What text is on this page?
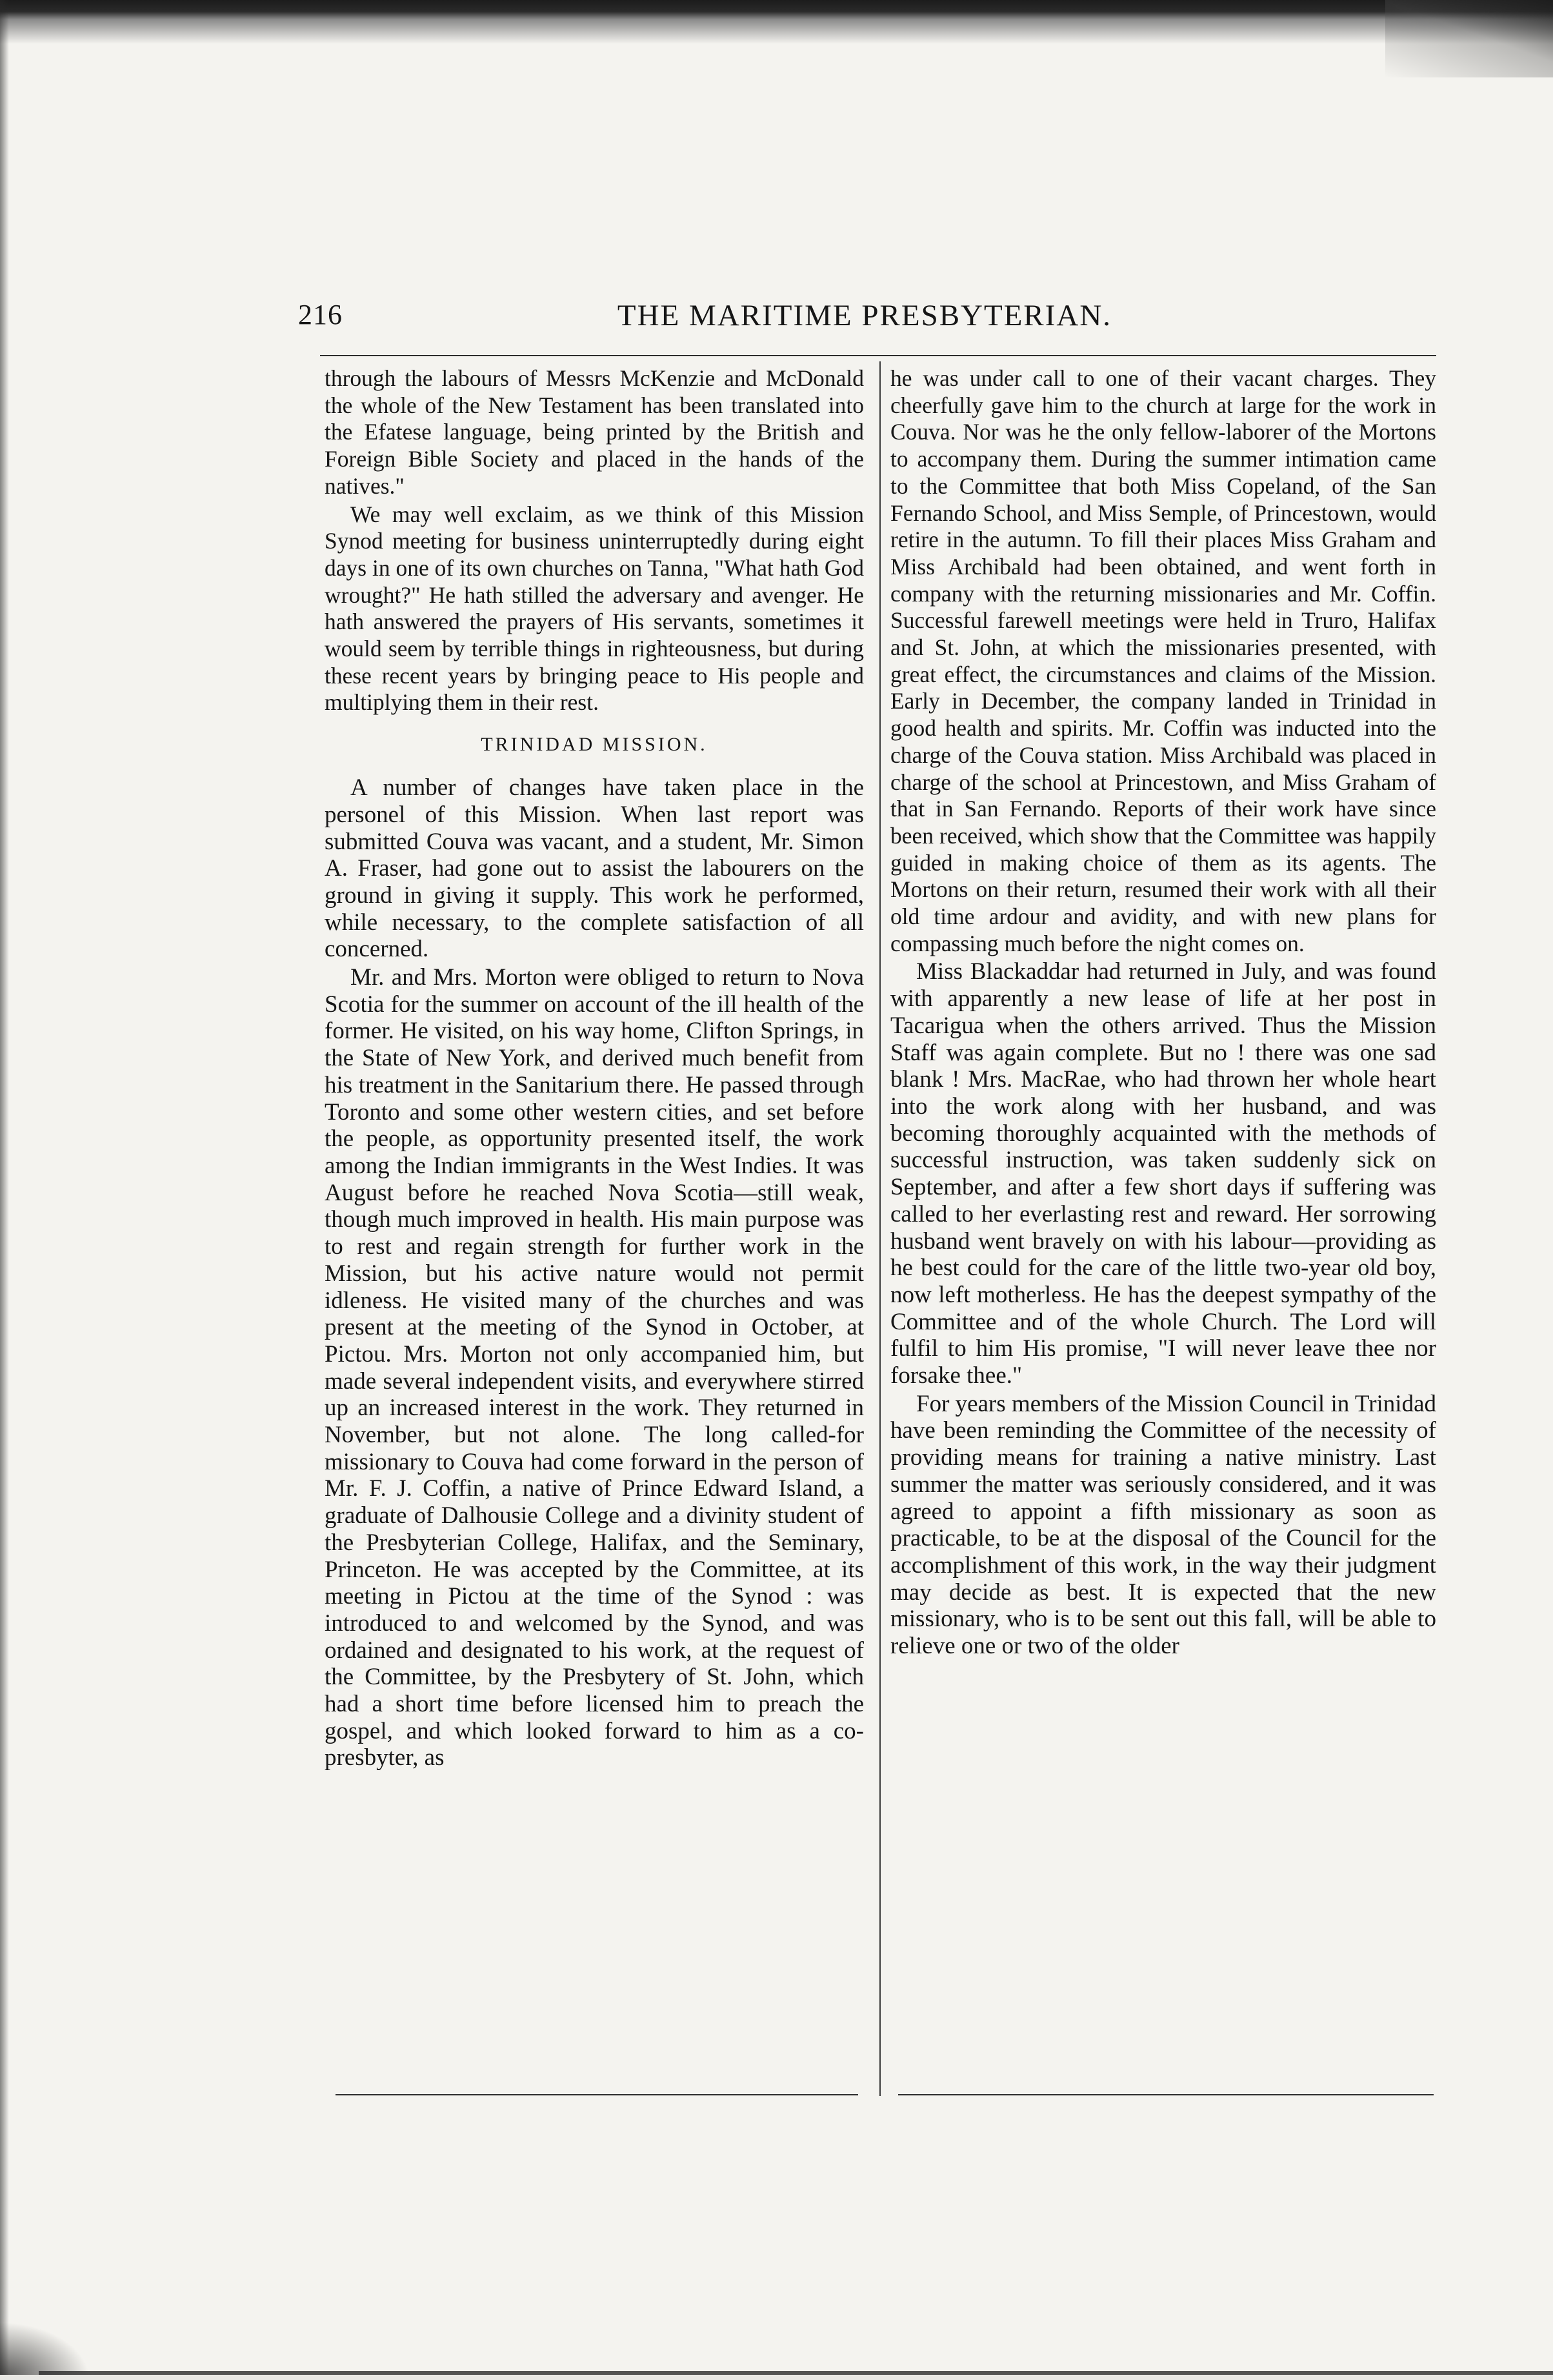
216	THE MARITIME PRESBYTERIAN.

through the labours of Messrs McKenzie and McDonald the whole of the New Testament has been translated into the Efatese language, being printed by the British and Foreign Bible Society and placed in the hands of the natives."

We may well exclaim, as we think of this Mission Synod meeting for business uninterruptedly during eight days in one of its own churches on Tanna, "What hath God wrought?" He hath stilled the adversary and avenger. He hath answered the prayers of His servants, sometimes it would seem by terrible things in righteousness, but during these recent years by bringing peace to His people and multiplying them in their rest.

TRINIDAD MISSION.

A number of changes have taken place in the personel of this Mission. When last report was submitted Couva was vacant, and a student, Mr. Simon A. Fraser, had gone out to assist the labourers on the ground in giving it supply. This work he performed, while necessary, to the complete satisfaction of all concerned.

Mr. and Mrs. Morton were obliged to return to Nova Scotia for the summer on account of the ill health of the former. He visited, on his way home, Clifton Springs, in the State of New York, and derived much benefit from his treatment in the Sanitarium there. He passed through Toronto and some other western cities, and set before the people, as opportunity presented itself, the work among the Indian immigrants in the West Indies. It was August before he reached Nova Scotia—still weak, though much improved in health. His main purpose was to rest and regain strength for further work in the Mission, but his active nature would not permit idleness. He visited many of the churches and was present at the meeting of the Synod in October, at Pictou. Mrs. Morton not only accompanied him, but made several independent visits, and everywhere stirred up an increased interest in the work. They returned in November, but not alone. The long called-for missionary to Couva had come forward in the person of Mr. F. J. Coffin, a native of Prince Edward Island, a graduate of Dalhousie College and a divinity student of the Presbyterian College, Halifax, and the Seminary, Princeton. He was accepted by the Committee, at its meeting in Pictou at the time of the Synod : was introduced to and welcomed by the Synod, and was ordained and designated to his work, at the request of the Committee, by the Presbytery of St. John, which had a short time before licensed him to preach the gospel, and which looked forward to him as a co-presbyter, as

he was under call to one of their vacant charges. They cheerfully gave him to the church at large for the work in Couva. Nor was he the only fellow-laborer of the Mortons to accompany them. During the summer intimation came to the Committee that both Miss Copeland, of the San Fernando School, and Miss Semple, of Princestown, would retire in the autumn. To fill their places Miss Graham and Miss Archibald had been obtained, and went forth in company with the returning missionaries and Mr. Coffin. Successful farewell meetings were held in Truro, Halifax and St. John, at which the missionaries presented, with great effect, the circumstances and claims of the Mission. Early in December, the company landed in Trinidad in good health and spirits. Mr. Coffin was inducted into the charge of the Couva station. Miss Archibald was placed in charge of the school at Princestown, and Miss Graham of that in San Fernando. Reports of their work have since been received, which show that the Committee was happily guided in making choice of them as its agents. The Mortons on their return, resumed their work with all their old time ardour and avidity, and with new plans for compassing much before the night comes on.

Miss Blackaddar had returned in July, and was found with apparently a new lease of life at her post in Tacarigua when the others arrived. Thus the Mission Staff was again complete. But no ! there was one sad blank ! Mrs. MacRae, who had thrown her whole heart into the work along with her husband, and was becoming thoroughly acquainted with the methods of successful instruction, was taken suddenly sick on September, and after a few short days if suffering was called to her everlasting rest and reward. Her sorrowing husband went bravely on with his labour—providing as he best could for the care of the little two-year old boy, now left motherless. He has the deepest sympathy of the Committee and of the whole Church. The Lord will fulfil to him His promise, "I will never leave thee nor forsake thee."

For years members of the Mission Council in Trinidad have been reminding the Committee of the necessity of providing means for training a native ministry. Last summer the matter was seriously considered, and it was agreed to appoint a fifth missionary as soon as practicable, to be at the disposal of the Council for the accomplishment of this work, in the way their judgment may decide as best. It is expected that the new missionary, who is to be sent out this fall, will be able to relieve one or two of the older
